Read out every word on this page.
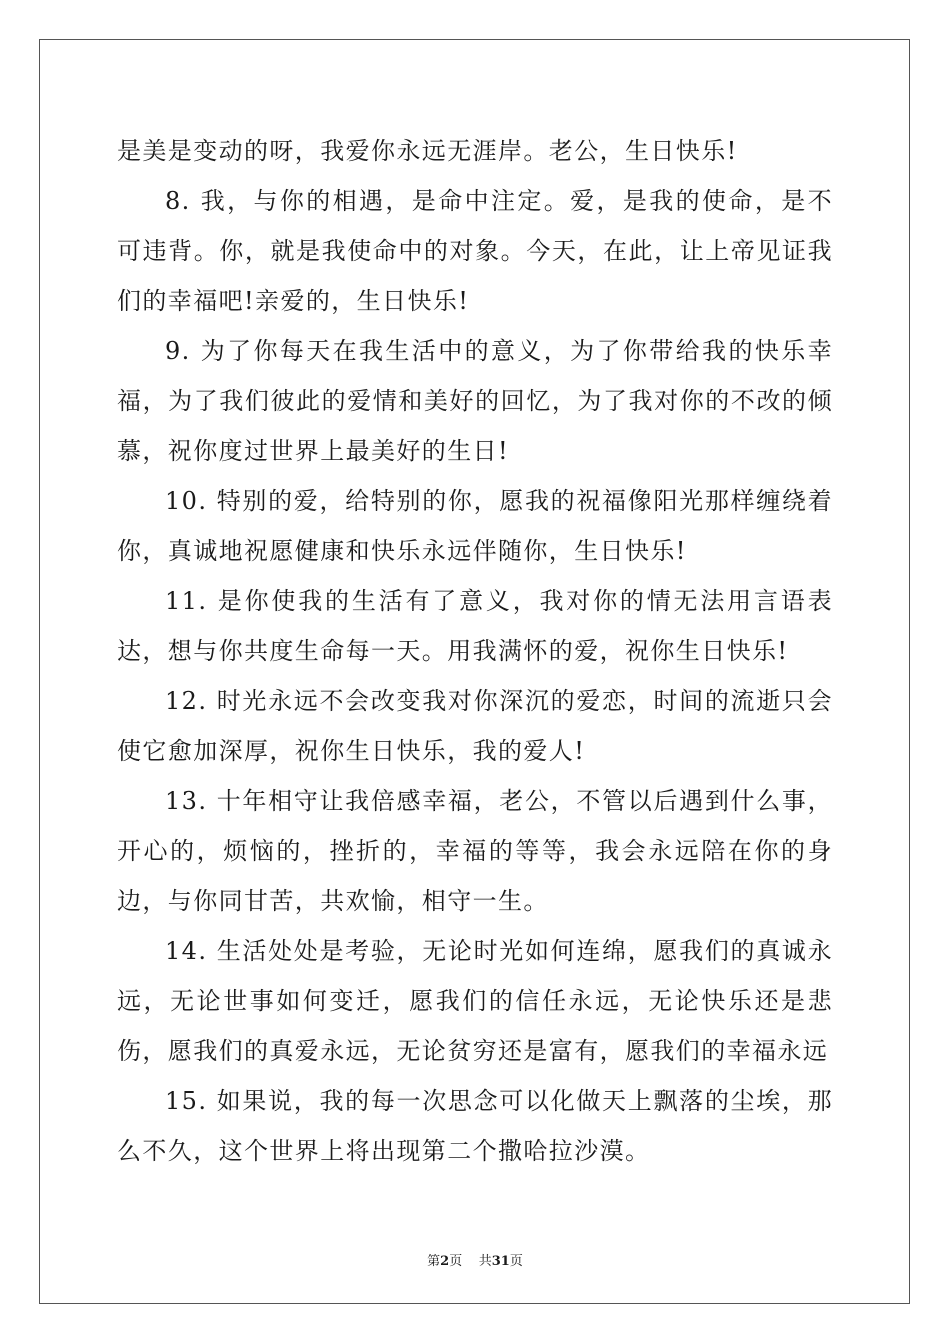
是美是变动的呀，我爱你永远无涯岸。老公，生日快乐!

8. 我，与你的相遇，是命中注定。爱，是我的使命，是不可违背。你，就是我使命中的对象。今天，在此，让上帝见证我们的幸福吧!亲爱的，生日快乐!

9. 为了你每天在我生活中的意义，为了你带给我的快乐幸福，为了我们彼此的爱情和美好的回忆，为了我对你的不改的倾慕，祝你度过世界上最美好的生日!

10. 特别的爱，给特别的你，愿我的祝福像阳光那样缠绕着你，真诚地祝愿健康和快乐永远伴随你，生日快乐!

11. 是你使我的生活有了意义，我对你的情无法用言语表达，想与你共度生命每一天。用我满怀的爱，祝你生日快乐!

12. 时光永远不会改变我对你深沉的爱恋，时间的流逝只会使它愈加深厚，祝你生日快乐，我的爱人!

13. 十年相守让我倍感幸福，老公，不管以后遇到什么事，开心的，烦恼的，挫折的，幸福的等等，我会永远陪在你的身边，与你同甘苦，共欢愉，相守一生。

14. 生活处处是考验，无论时光如何连绵，愿我们的真诚永远，无论世事如何变迁，愿我们的信任永远，无论快乐还是悲伤，愿我们的真爱永远，无论贫穷还是富有，愿我们的幸福永远

15. 如果说，我的每一次思念可以化做天上飘落的尘埃，那么不久，这个世界上将出现第二个撒哈拉沙漠。

第2页 共31页
